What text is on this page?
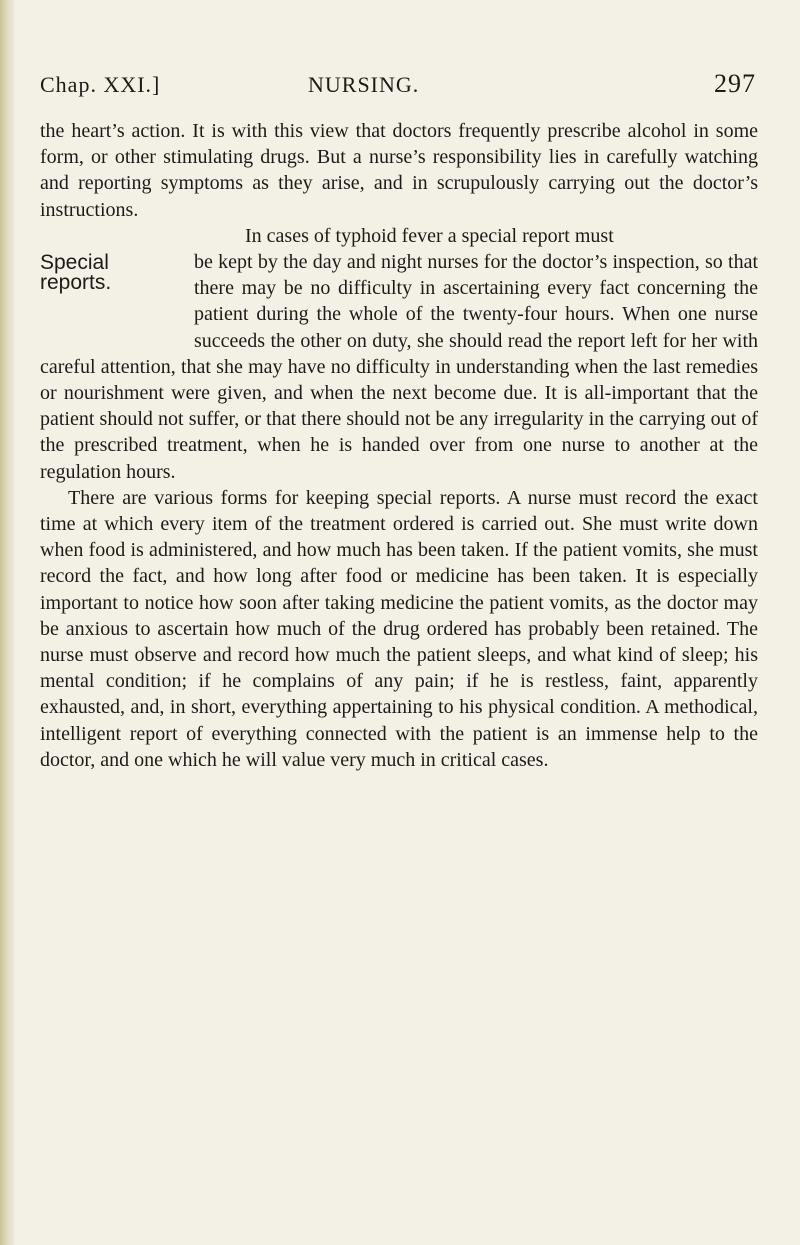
Chap. XXI.]	NURSING.	297

the heart’s action. It is with this view that doctors frequently prescribe alcohol in some form, or other stimulating drugs. But a nurse’s responsibility lies in carefully watching and reporting symptoms as they arise, and in scrupulously carrying out the doctor’s instructions.

In cases of typhoid fever a special report must
Special
reports.
be kept by the day and night nurses for the doctor’s inspection, so that there may be no difficulty in ascertaining every fact concerning the patient during the whole of the twenty-four hours. When one nurse succeeds the other on duty, she should read the report left for her with careful attention, that she may have no difficulty in understanding when the last remedies or nourishment were given, and when the next become due. It is all-important that the patient should not suffer, or that there should not be any irregularity in the carrying out of the prescribed treatment, when he is handed over from one nurse to another at the regulation hours.

There are various forms for keeping special reports. A nurse must record the exact time at which every item of the treatment ordered is carried out. She must write down when food is administered, and how much has been taken. If the patient vomits, she must record the fact, and how long after food or medicine has been taken. It is especially important to notice how soon after taking medicine the patient vomits, as the doctor may be anxious to ascertain how much of the drug ordered has probably been retained. The nurse must observe and record how much the patient sleeps, and what kind of sleep; his mental condition; if he complains of any pain; if he is restless, faint, apparently exhausted, and, in short, everything appertaining to his physical condition. A methodical, intelligent report of everything connected with the patient is an immense help to the doctor, and one which he will value very much in critical cases.
